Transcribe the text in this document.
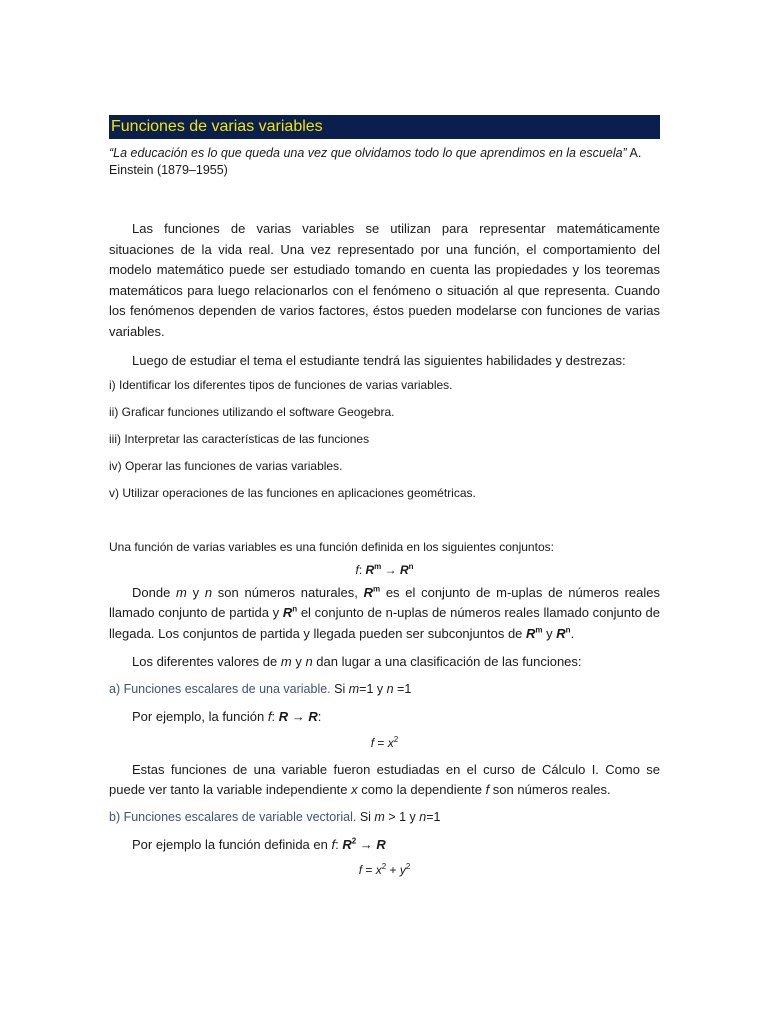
Funciones de varias variables

“La educación es lo que queda una vez que olvidamos todo lo que aprendimos en la escuela” A. Einstein (1879–1955)

Las funciones de varias variables se utilizan para representar matemáticamente situaciones de la vida real. Una vez representado por una función, el comportamiento del modelo matemático puede ser estudiado tomando en cuenta las propiedades y los teoremas matemáticos para luego relacionarlos con el fenómeno o situación al que representa. Cuando los fenómenos dependen de varios factores, éstos pueden modelarse con funciones de varias variables.

Luego de estudiar el tema el estudiante tendrá las siguientes habilidades y destrezas:

i) Identificar los diferentes tipos de funciones de varias variables.

ii) Graficar funciones utilizando el software Geogebra.

iii) Interpretar las características de las funciones

iv) Operar las funciones de varias variables.

v) Utilizar operaciones de las funciones en aplicaciones geométricas.

Una función de varias variables es una función definida en los siguientes conjuntos:

f: $R^m \to R^n$

Donde m y n son números naturales, $R^m$ es el conjunto de m-uplas de números reales llamado conjunto de partida y $R^n$ el conjunto de n-uplas de números reales llamado conjunto de llegada. Los conjuntos de partida y llegada pueden ser subconjuntos de $R^m$ y $R^n$.

Los diferentes valores de m y n dan lugar a una clasificación de las funciones:

a) Funciones escalares de una variable. Si m=1 y n =1

Por ejemplo, la función f: R → R:

$f = x^2$

Estas funciones de una variable fueron estudiadas en el curso de Cálculo I. Como se puede ver tanto la variable independiente x como la dependiente f son números reales.

b) Funciones escalares de variable vectorial. Si m > 1 y n=1

Por ejemplo la función definida en f: $R^2 \to R$

$f = x^2 + y^2$
